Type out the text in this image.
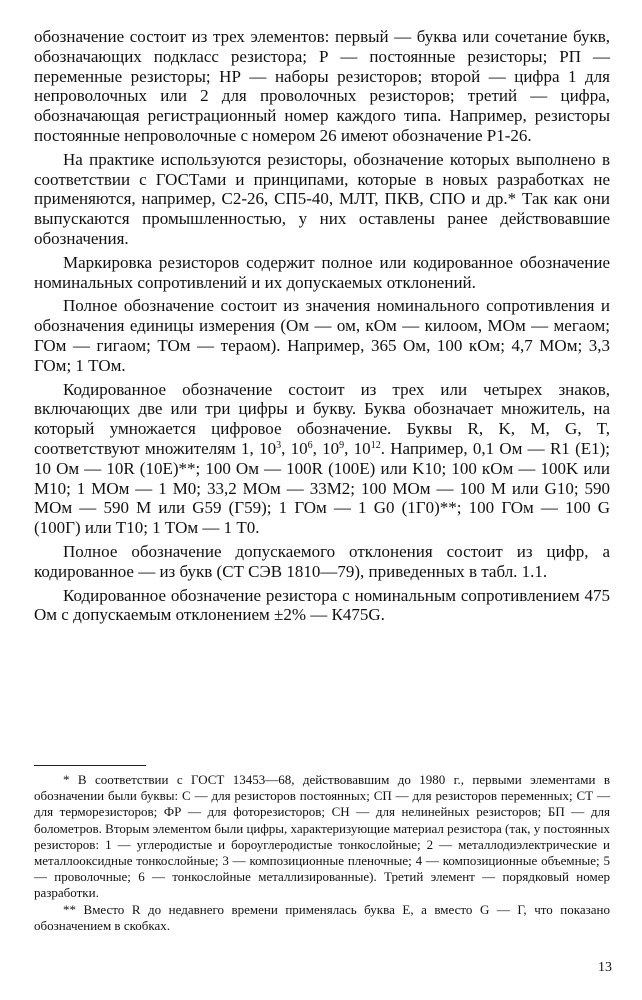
обозначение состоит из трех элементов: первый — буква или сочетание букв, обозначающих подкласс резистора; Р — постоянные резисторы; РП — переменные резисторы; НР — наборы резисторов; второй — цифра 1 для непроволочных или 2 для проволочных резисторов; третий — цифра, обозначающая регистрационный номер каждого типа. Например, резисторы постоянные непроволочные с номером 26 имеют обозначение Р1-26.

На практике используются резисторы, обозначение которых выполнено в соответствии с ГОСТами и принципами, которые в новых разработках не применяются, например, С2-26, СП5-40, МЛТ, ПКВ, СПО и др.* Так как они выпускаются промышленностью, у них оставлены ранее действовавшие обозначения.

Маркировка резисторов содержит полное или кодированное обозначение номинальных сопротивлений и их допускаемых отклонений.

Полное обозначение состоит из значения номинального сопротивления и обозначения единицы измерения (Ом — ом, кОм — килоом, МОм — мегаом; ГОм — гигаом; ТОм — тераом). Например, 365 Ом, 100 кОм; 4,7 МОм; 3,3 ГОм; 1 ТОм.

Кодированное обозначение состоит из трех или четырех знаков, включающих две или три цифры и букву. Буква обозначает множитель, на который умножается цифровое обозначение. Буквы R, K, M, G, T, соответствуют множителям 1, $10^3$, $10^6$, $10^9$, $10^{12}$. Например, 0,1 Ом — R1 (E1); 10 Ом — 10R (10E)**; 100 Ом — 100R (100E) или K10; 100 кОм — 100K или M10; 1 МОм — 1 M0; 33,2 МОм — 33M2; 100 МОм — 100 M или G10; 590 МОм — 590 M или G59 (Г59); 1 ГОм — 1 G0 (1Г0)**; 100 ГОм — 100 G (100Г) или T10; 1 ТОм — 1 T0.

Полное обозначение допускаемого отклонения состоит из цифр, а кодированное — из букв (СТ СЭВ 1810—79), приведенных в табл. 1.1.

Кодированное обозначение резистора с номинальным сопротивлением 475 Ом с допускаемым отклонением ±2% — К475G.

* В соответствии с ГОСТ 13453—68, действовавшим до 1980 г., первыми элементами в обозначении были буквы: С — для резисторов постоянных; СП — для резисторов переменных; СТ — для терморезисторов; ФР — для фоторезисторов; СН — для нелинейных резисторов; БП — для болометров. Вторым элементом были цифры, характеризующие материал резистора (так, у постоянных резисторов: 1 — углеродистые и бороуглеродистые тонкослойные; 2 — металлодиэлектрические и металлооксидные тонкослойные; 3 — композиционные пленочные; 4 — композиционные объемные; 5 — проволочные; 6 — тонкослойные металлизированные). Третий элемент — порядковый номер разработки.

** Вместо R до недавнего времени применялась буква Е, а вместо G — Г, что показано обозначением в скобках.

13
